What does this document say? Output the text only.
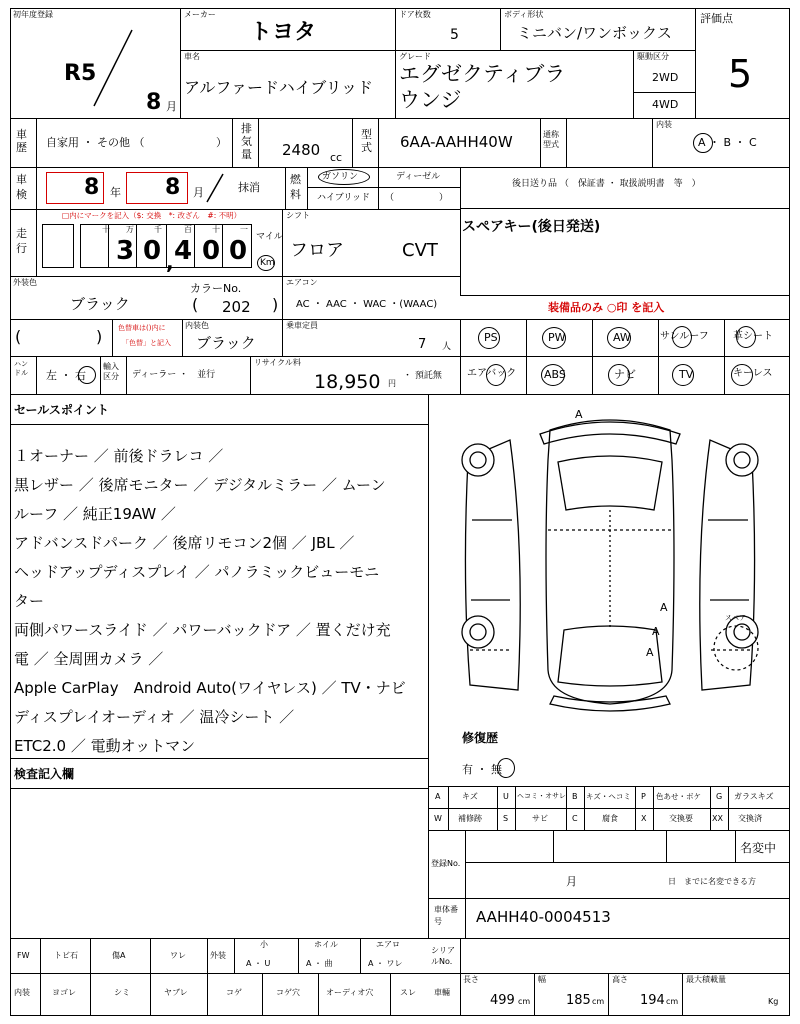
初年度登録
R5
8 月
メーカー
トヨタ
ドア枚数
5
ボディ形状
ミニバン/ワンボックス
評価点
5
車名
アルファードハイブリッド
グレード
エグゼクティブラ
ウンジ
駆動区分
2WD
4WD
車歴 自家用 ・ その他 （	）
排気量 2480 cc
型式 6AA-AAHH40W	通称型式
内装
A ・ B ・ C
車検	8 年 8 月	抹消
燃料
ガソリン	ディーゼル
ハイブリッド （　　　　　）
後日送り品 （　保証書 ・ 取扱説明書　等　）
走行
□内にマークを記入（$: 交換　*: 改ざん　#: 不明）
十 万	千	百	十	一
3 0 4 0 0
,
マイル
Km
シフト
フロア	CVT
スペアキー(後日発送)
外装色
ブラック
カラーNo.
( 202 )
エアコン
AC ・ AAC ・ WAC ・(WAAC)	装備品のみ ○印 を記入
(	) 色替車は()内に
「色替」と記入
内装色
ブラック
乗車定員
7 人
PS	PW	AW	サンルーフ 革シート
エアバック	ABS	ナビ	TV	キーレス
ハンドル 左 ・ 右
輸入区分	ディーラー ・　並行
リサイクル料
18,950 円
・ 預託無
セールスポイント
１オーナー ／ 前後ドラレコ ／
黒レザー ／ 後席モニター ／ デジタルミラー ／ ムーン
ルーフ ／ 純正19AW ／
アドバンスドパーク ／ 後席リモコン2個 ／ JBL ／
ヘッドアップディスプレイ ／ パノラミックビューモニ
ター
両側パワースライド ／ パワーバックドア ／ 置くだけ充
電 ／ 全周囲カメラ ／
Apple CarPlay　Android Auto(ワイヤレス) ／ TV・ナビ
ディスプレイオーディオ ／ 温冷シート ／
ETC2.0 ／ 電動オットマン
検査記入欄
A
A
A
A
スペア
修復歴
有 ・ 無
A	キズ	U ヘコミ・オサレ B キズ・ヘコミ P 色あせ・ボケ G ガラスキズ
W 補修跡	S	サビ	C	腐食	X	交換要 XX 交換済
登録No.
名変中
月	日　までに名変できる方
車体番号	AAHH40-0004513
FW	トビ石	傷A	ワレ	外装
小
A ・ U
ホイル
A ・ 曲
エアロ
A ・ ワレ
シリアルNo.
内装	ヨゴレ	シミ	ヤブレ	コゲ	コゲ穴	オーディオ穴	スレ 車輛
長さ
499 cm
幅
185 cm
高さ
194 cm
最大積載量
Kg
